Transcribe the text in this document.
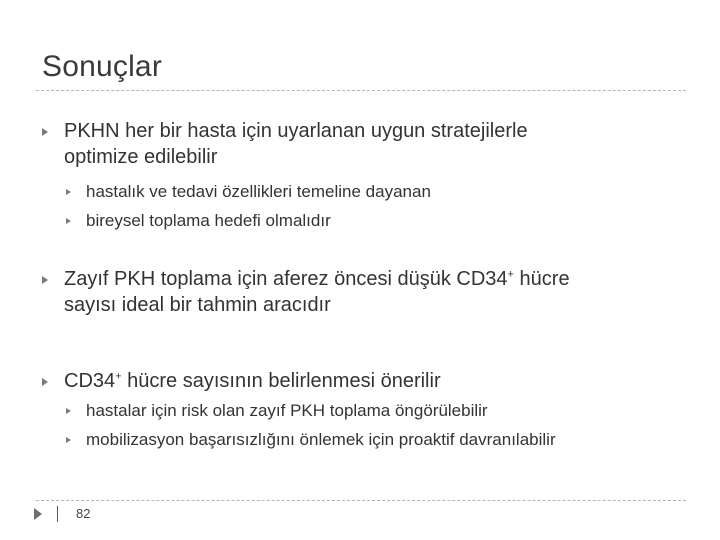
Sonuçlar
PKHN her bir hasta için uyarlanan uygun stratejilerle
optimize edilebilir
hastalık ve tedavi özellikleri temeline dayanan
bireysel toplama hedefi olmalıdır
Zayıf PKH toplama için aferez öncesi düşük CD34+ hücre
sayısı ideal bir tahmin aracıdır
CD34+ hücre sayısının belirlenmesi önerilir
hastalar için risk olan zayıf PKH toplama öngörülebilir
mobilizasyon başarısızlığını önlemek için proaktif davranılabilir
82
